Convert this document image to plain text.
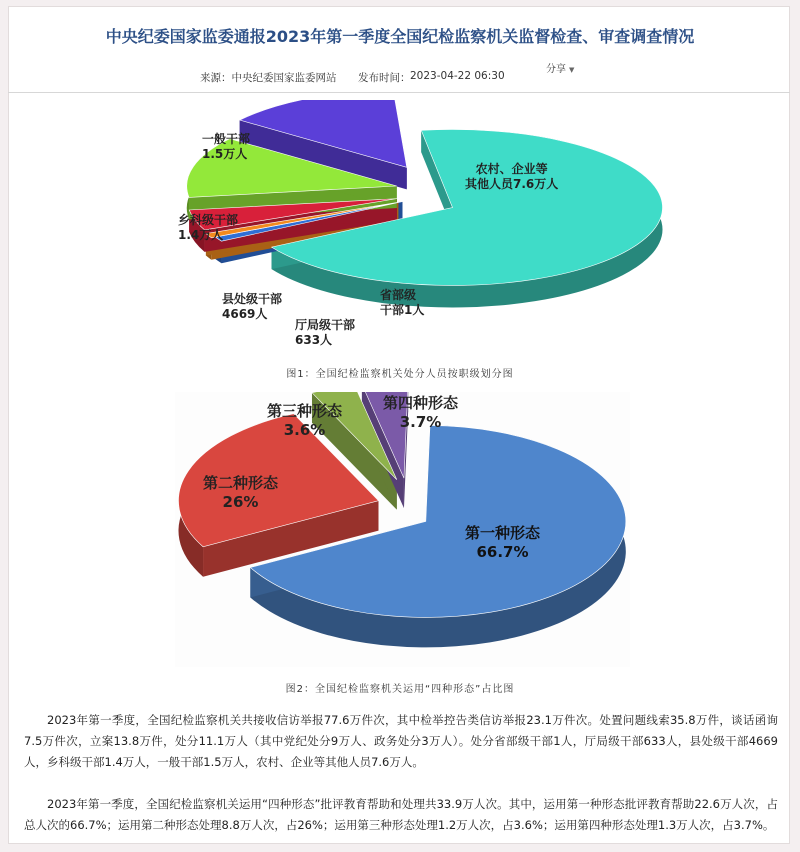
中央纪委国家监委通报2023年第一季度全国纪检监察机关监督检查、审查调查情况
分享 ▼
来源：中央纪委国家监委网站 发布时间： 2023-04-22 06:30
农村、企业等
其他人员7.6万人
省部级
干部1人
厅局级干部
633人
县处级干部
4669人
乡科级干部
1.4万人
一般干部
1.5万人
图1：全国纪检监察机关处分人员按职级划分图
第一种形态
66.7%
第二种形态
26%
第三种形态
3.6%
第四种形态
3.7%
图2：全国纪检监察机关运用“四种形态”占比图
2023年第一季度，全国纪检监察机关共接收信访举报77.6万件次，其中检举控告类信访举报23.1万件次。处置问题线索35.8万件，谈话函询7.5万件次，立案13.8万件，处分11.1万人（其中党纪处分9万人、政务处分3万人）。处分省部级干部1人，厅局级干部633人，县处级干部4669人，乡科级干部1.4万人，一般干部1.5万人，农村、企业等其他人员7.6万人。
2023年第一季度，全国纪检监察机关运用“四种形态”批评教育帮助和处理共33.9万人次。其中，运用第一种形态批评教育帮助22.6万人次，占总人次的66.7%；运用第二种形态处理8.8万人次，占26%；运用第三种形态处理1.2万人次，占3.6%；运用第四种形态处理1.3万人次，占3.7%。
